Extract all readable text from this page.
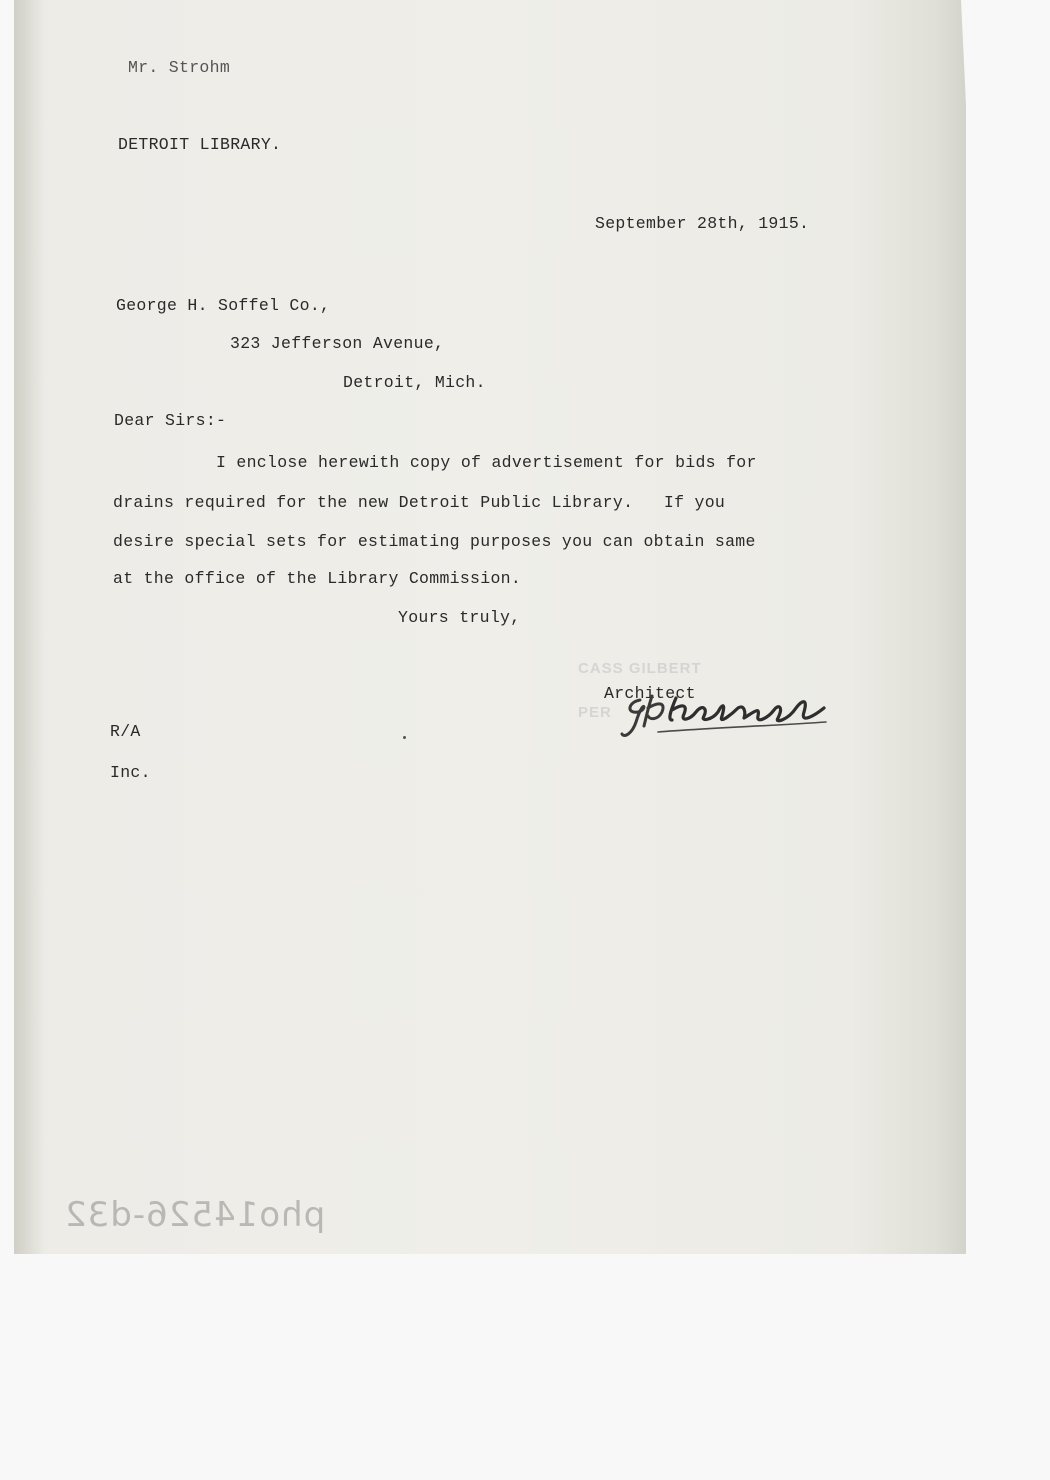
Mr. Strohm
DETROIT LIBRARY.
September 28th, 1915.
George H. Soffel Co.,
323 Jefferson Avenue,
Detroit, Mich.
Dear Sirs:-
I enclose herewith copy of advertisement for bids for
drains required for the new Detroit Public Library.   If you
desire special sets for estimating purposes you can obtain same
at the office of the Library Commission.
Yours truly,
CASS GILBERT
PER
Architect
R/A
Inc.
pho14526-d32
